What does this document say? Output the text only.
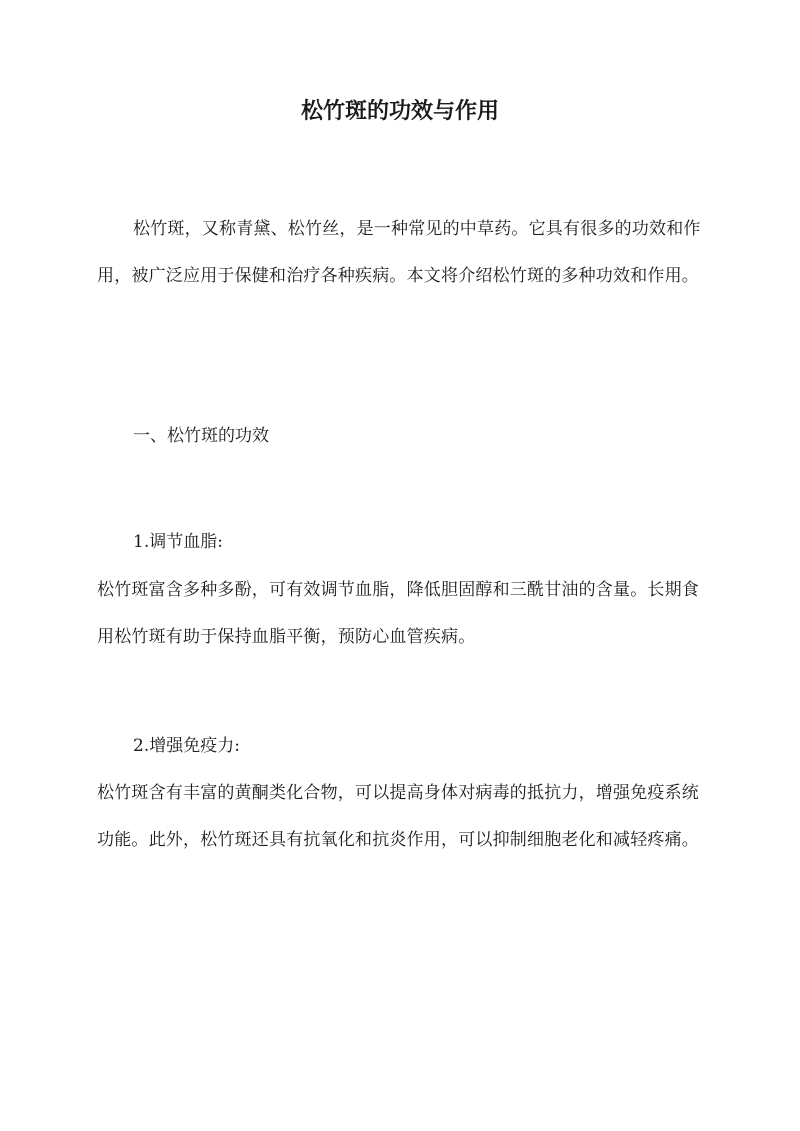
松竹斑的功效与作用

松竹斑，又称青黛、松竹丝，是一种常见的中草药。它具有很多的功效和作用，被广泛应用于保健和治疗各种疾病。本文将介绍松竹斑的多种功效和作用。

一、松竹斑的功效

1.调节血脂:

松竹斑富含多种多酚，可有效调节血脂，降低胆固醇和三酰甘油的含量。长期食用松竹斑有助于保持血脂平衡，预防心血管疾病。

2.增强免疫力:

松竹斑含有丰富的黄酮类化合物，可以提高身体对病毒的抵抗力，增强免疫系统功能。此外，松竹斑还具有抗氧化和抗炎作用，可以抑制细胞老化和减轻疼痛。
